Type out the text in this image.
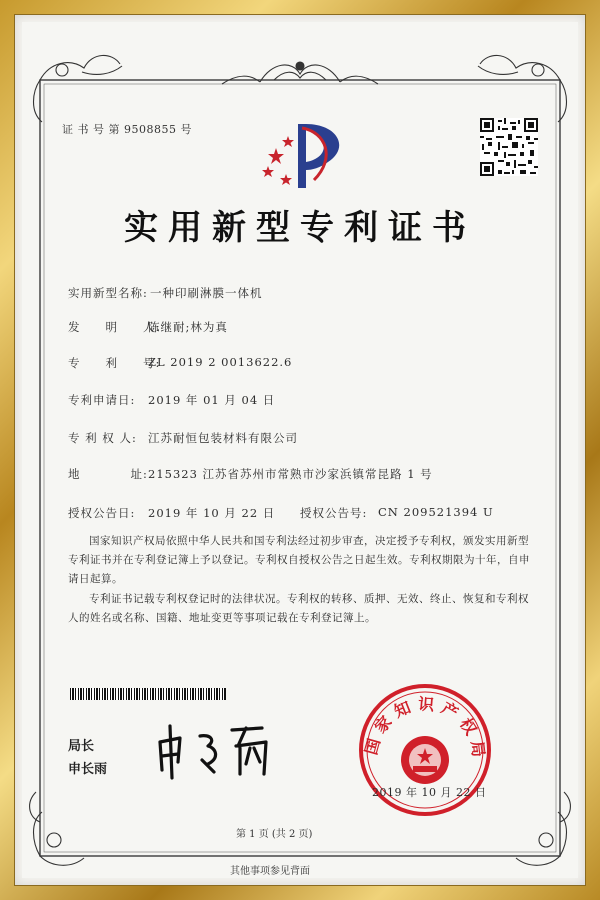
证 书 号 第 9508855 号
实用新型专利证书
实用新型名称: 一种印刷淋膜一体机
发　　明　　人:
陈继耐;林为真
专　　利　　号:
ZL 2019 2 0013622.6
专利申请日: 2019 年 01 月 04 日
专 利 权 人: 江苏耐恒包装材料有限公司
地　　　　址: 215323 江苏省苏州市常熟市沙家浜镇常昆路 1 号
授权公告日: 2019 年 10 月 22 日 授权公告号: CN 209521394 U
国家知识产权局依照中华人民共和国专利法经过初步审查，决定授予专利权，颁发实用新型专利证书并在专利登记簿上予以登记。专利权自授权公告之日起生效。专利权期限为十年，自申请日起算。
专利证书记载专利权登记时的法律状况。专利权的转移、质押、无效、终止、恢复和专利权人的姓名或名称、国籍、地址变更等事项记载在专利登记簿上。
局长
申长雨
国家知识产权局
2019 年 10 月 22 日
第 1 页 (共 2 页)
其他事项参见背面
